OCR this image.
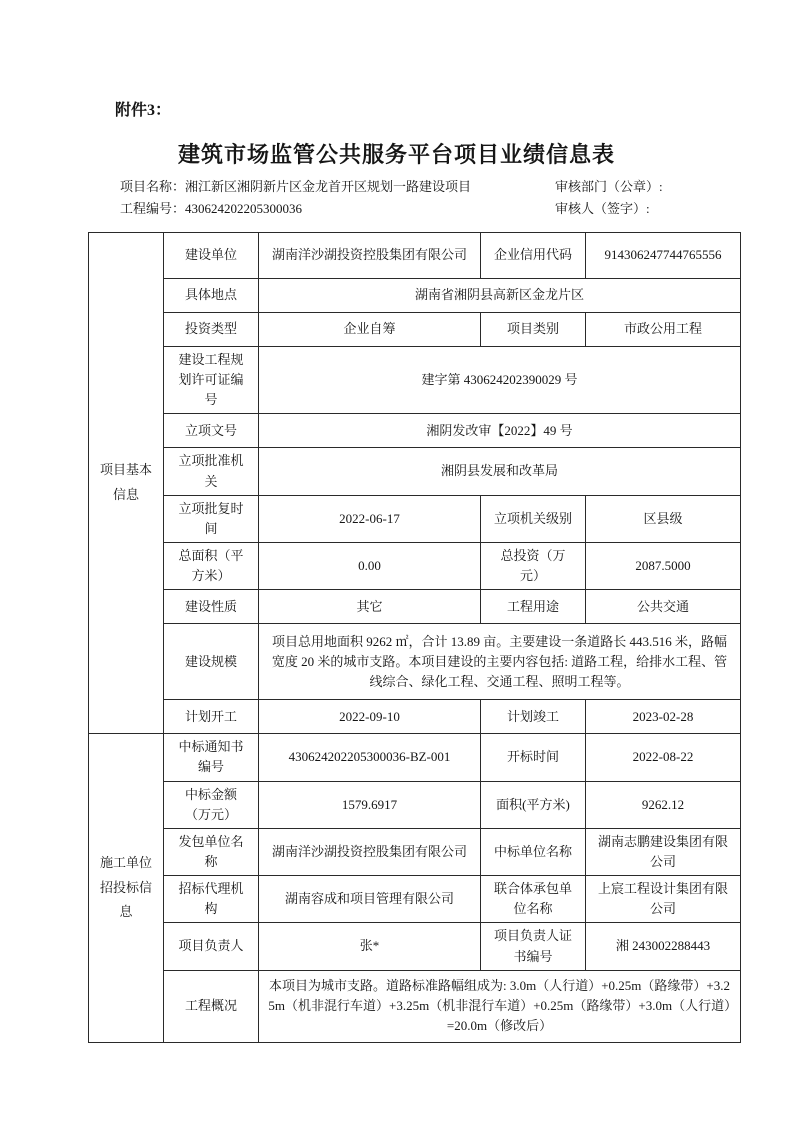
附件3：
建筑市场监管公共服务平台项目业绩信息表
项目名称：湘江新区湘阴新片区金龙首开区规划一路建设项目	审核部门（公章）:
工程编号：430624202205300036	审核人（签字）:
项目基本信息	建设单位	湖南洋沙湖投资控股集团有限公司	企业信用代码	914306247744765556
	具体地点	湖南省湘阴县高新区金龙片区		
	投资类型	企业自筹	项目类别	市政公用工程
	建设工程规划许可证编号	建字第 430624202390029 号		
	立项文号	湘阴发改审【2022】49 号		
	立项批准机关	湘阴县发展和改革局		
	立项批复时间	2022-06-17	立项机关级别	区县级
	总面积（平方米）	0.00	总投资（万元）	2087.5000
	建设性质	其它	工程用途	公共交通
	建设规模	项目总用地面积 9262 ㎡，合计 13.89 亩。主要建设一条道路长 443.516 米，路幅宽度 20 米的城市支路。本项目建设的主要内容包括: 道路工程，给排水工程、管线综合、绿化工程、交通工程、照明工程等。		
	计划开工	2022-09-10	计划竣工	2023-02-28
施工单位招投标信息	中标通知书编号	430624202205300036-BZ-001	开标时间	2022-08-22
	中标金额（万元）	1579.6917	面积(平方米)	9262.12
	发包单位名称	湖南洋沙湖投资控股集团有限公司	中标单位名称	湖南志鹏建设集团有限公司
	招标代理机构	湖南容成和项目管理有限公司	联合体承包单位名称	上宸工程设计集团有限公司
	项目负责人	张*	项目负责人证书编号	湘 243002288443
	工程概况	本项目为城市支路。道路标准路幅组成为: 3.0m（人行道）+0.25m（路缘带）+3.25m（机非混行车道）+3.25m（机非混行车道）+0.25m（路缘带）+3.0m（人行道）=20.0m（修改后）		
